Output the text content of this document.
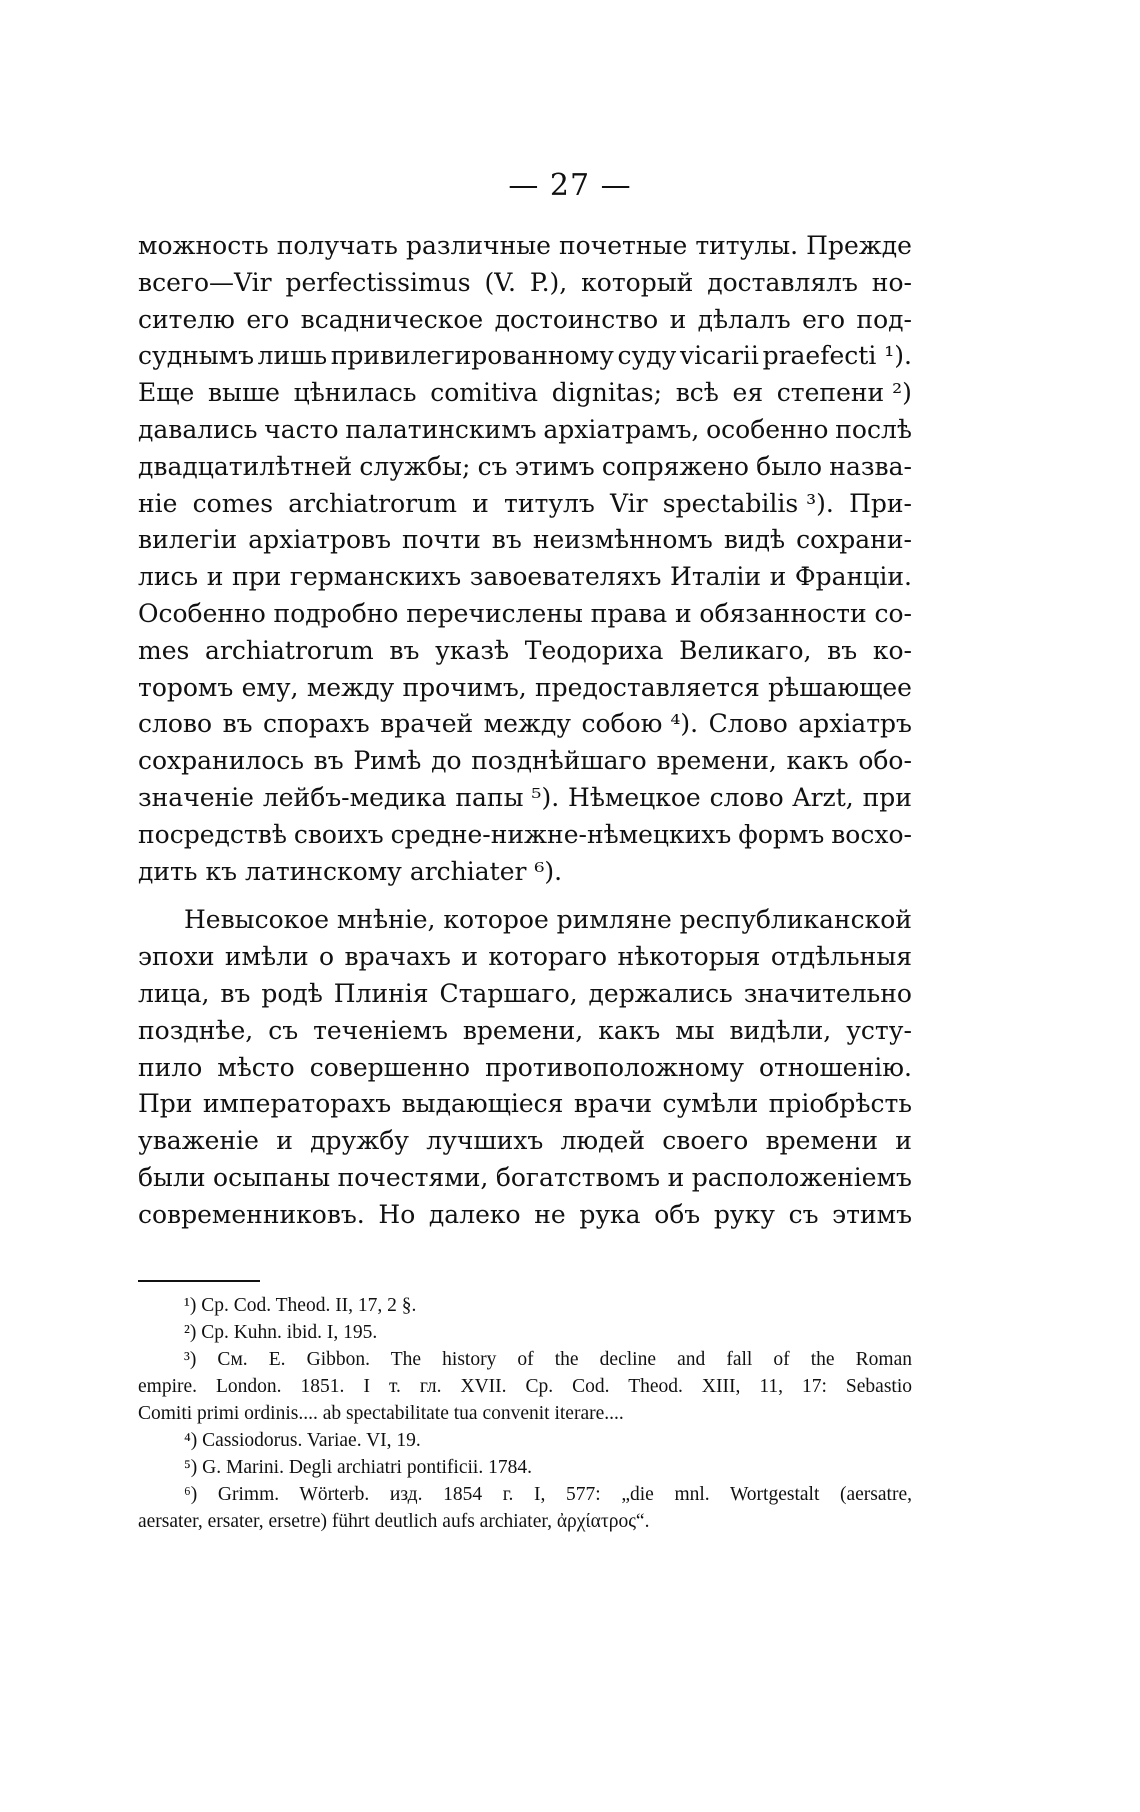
— 27 —
можность получать различные почетные титулы. Прежде
всего—Vir perfectissimus (V. P.), который доставлялъ но-
сителю его всадническое достоинство и дѣлалъ его под-
суднымъ лишь привилегированному суду vicarii praefecti ¹).
Еще выше цѣнилась comitiva dignitas; всѣ ея степени ²)
давались часто палатинскимъ архіатрамъ, особенно послѣ
двадцатилѣтней службы; съ этимъ сопряжено было назва-
ніе comes archiatrorum и титулъ Vir spectabilis ³). При-
вилегіи архіатровъ почти въ неизмѣнномъ видѣ сохрани-
лись и при германскихъ завоевателяхъ Италіи и Франціи.
Особенно подробно перечислены права и обязанности co-
mes archiatrorum въ указѣ Теодориха Великаго, въ ко-
торомъ ему, между прочимъ, предоставляется рѣшающее
слово въ спорахъ врачей между собою ⁴). Слово архіатръ
сохранилось въ Римѣ до позднѣйшаго времени, какъ обо-
значеніе лейбъ-медика папы ⁵). Нѣмецкое слово Arzt, при
посредствѣ своихъ средне-нижне-нѣмецкихъ формъ восхо-
дить къ латинскому archiater ⁶).
Невысокое мнѣніе, которое римляне республиканской
эпохи имѣли о врачахъ и котораго нѣкоторыя отдѣльныя
лица, въ родѣ Плинія Старшаго, держались значительно
позднѣе, съ теченіемъ времени, какъ мы видѣли, усту-
пило мѣсто совершенно противоположному отношенію.
При императорахъ выдающіеся врачи сумѣли пріобрѣсть
уваженіе и дружбу лучшихъ людей своего времени и
были осыпаны почестями, богатствомъ и расположеніемъ
современниковъ. Но далеко не рука объ руку съ этимъ
¹) Cp. Cod. Theod. II, 17, 2 §.
²) Cp. Kuhn. ibid. I, 195.
³) См. E. Gibbon. The history of the decline and fall of the Roman
empire. London. 1851. I т. гл. XVII. Cp. Cod. Theod. XIII, 11, 17: Sebastio
Comiti primi ordinis.... ab spectabilitate tua convenit iterare....
⁴) Cassiodorus. Variae. VI, 19.
⁵) G. Marini. Degli archiatri pontificii. 1784.
⁶) Grimm. Wörterb. изд. 1854 г. I, 577: „die mnl. Wortgestalt (aersatre,
aersater, ersater, ersetre) führt deutlich aufs archiater, ἀρχίατρος“.
